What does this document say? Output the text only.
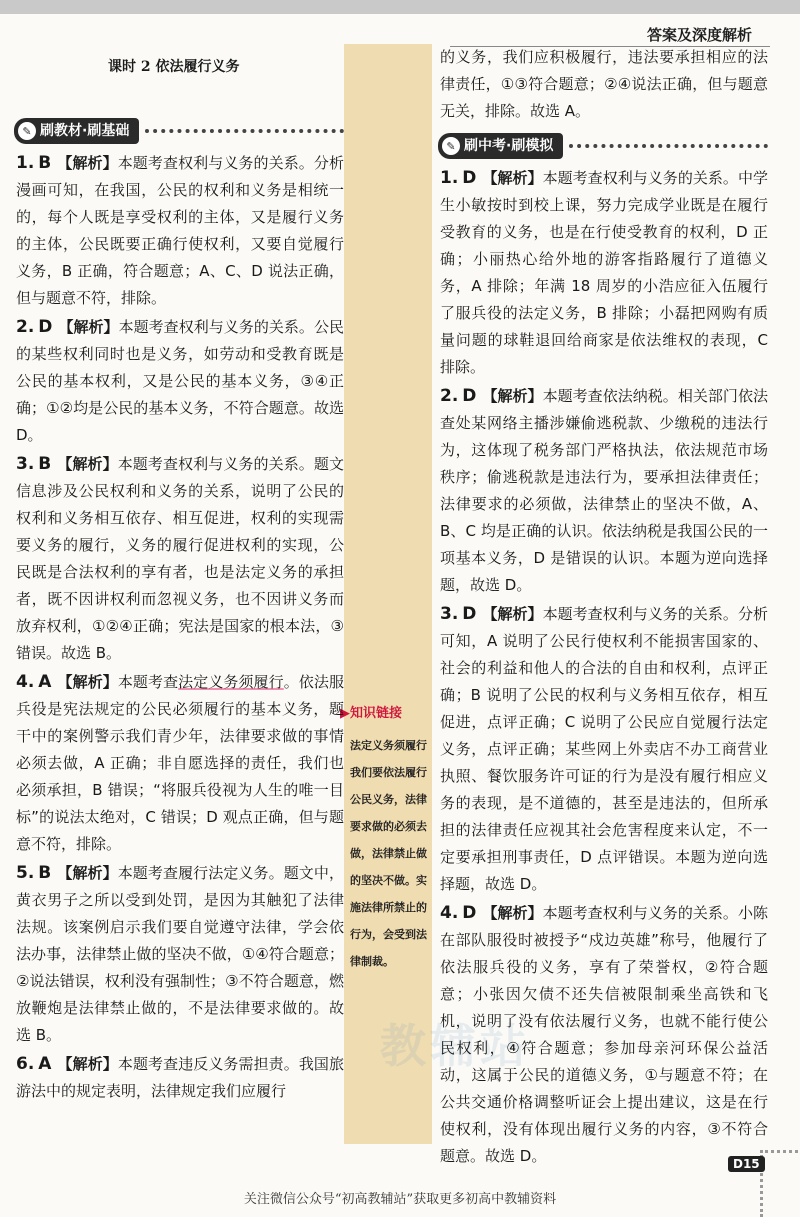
答案及深度解析
▶知识链接
法定义务须履行
我们要依法履行公民义务，法律要求做的必须去做，法律禁止做的坚决不做。实施法律所禁止的行为，会受到法律制裁。
课时 2 依法履行义务
教辅站
✎ 刷教材·刷基础
1. B 【解析】本题考查权利与义务的关系。分析漫画可知，在我国，公民的权利和义务是相统一的，每个人既是享受权利的主体，又是履行义务的主体，公民既要正确行使权利，又要自觉履行义务，B 正确，符合题意；A、C、D 说法正确，但与题意不符，排除。
2. D 【解析】本题考查权利与义务的关系。公民的某些权利同时也是义务，如劳动和受教育既是公民的基本权利，又是公民的基本义务，③④正确；①②均是公民的基本义务，不符合题意。故选 D。
3. B 【解析】本题考查权利与义务的关系。题文信息涉及公民权利和义务的关系，说明了公民的权利和义务相互依存、相互促进，权利的实现需要义务的履行，义务的履行促进权利的实现，公民既是合法权利的享有者，也是法定义务的承担者，既不因讲权利而忽视义务，也不因讲义务而放弃权利，①②④正确；宪法是国家的根本法，③错误。故选 B。
4. A 【解析】本题考查法定义务须履行。依法服兵役是宪法规定的公民必须履行的基本义务，题干中的案例警示我们青少年，法律要求做的事情必须去做，A 正确；非自愿选择的责任，我们也必须承担，B 错误；“将服兵役视为人生的唯一目标”的说法太绝对，C 错误；D 观点正确，但与题意不符，排除。
5. B 【解析】本题考查履行法定义务。题文中，黄衣男子之所以受到处罚，是因为其触犯了法律法规。该案例启示我们要自觉遵守法律，学会依法办事，法律禁止做的坚决不做，①④符合题意；②说法错误，权利没有强制性；③不符合题意，燃放鞭炮是法律禁止做的，不是法律要求做的。故选 B。
6. A 【解析】本题考查违反义务需担责。我国旅游法中的规定表明，法律规定我们应履行
的义务，我们应积极履行，违法要承担相应的法律责任，①③符合题意；②④说法正确，但与题意无关，排除。故选 A。
✎ 刷中考·刷模拟
1. D 【解析】本题考查权利与义务的关系。中学生小敏按时到校上课，努力完成学业既是在履行受教育的义务，也是在行使受教育的权利，D 正确；小丽热心给外地的游客指路履行了道德义务，A 排除；年满 18 周岁的小浩应征入伍履行了服兵役的法定义务，B 排除；小磊把网购有质量问题的球鞋退回给商家是依法维权的表现，C 排除。
2. D 【解析】本题考查依法纳税。相关部门依法查处某网络主播涉嫌偷逃税款、少缴税的违法行为，这体现了税务部门严格执法，依法规范市场秩序；偷逃税款是违法行为，要承担法律责任；法律要求的必须做，法律禁止的坚决不做，A、B、C 均是正确的认识。依法纳税是我国公民的一项基本义务，D 是错误的认识。本题为逆向选择题，故选 D。
3. D 【解析】本题考查权利与义务的关系。分析可知，A 说明了公民行使权利不能损害国家的、社会的利益和他人的合法的自由和权利，点评正确；B 说明了公民的权利与义务相互依存，相互促进，点评正确；C 说明了公民应自觉履行法定义务，点评正确；某些网上外卖店不办工商营业执照、餐饮服务许可证的行为是没有履行相应义务的表现，是不道德的，甚至是违法的，但所承担的法律责任应视其社会危害程度来认定，不一定要承担刑事责任，D 点评错误。本题为逆向选择题，故选 D。
4. D 【解析】本题考查权利与义务的关系。小陈在部队服役时被授予“戍边英雄”称号，他履行了依法服兵役的义务，享有了荣誉权，②符合题意；小张因欠债不还失信被限制乘坐高铁和飞机，说明了没有依法履行义务，也就不能行使公民权利，④符合题意；参加母亲河环保公益活动，这属于公民的道德义务，①与题意不符；在公共交通价格调整听证会上提出建议，这是在行使权利，没有体现出履行义务的内容，③不符合题意。故选 D。	D15
关注微信公众号“初高教辅站”获取更多初高中教辅资料
